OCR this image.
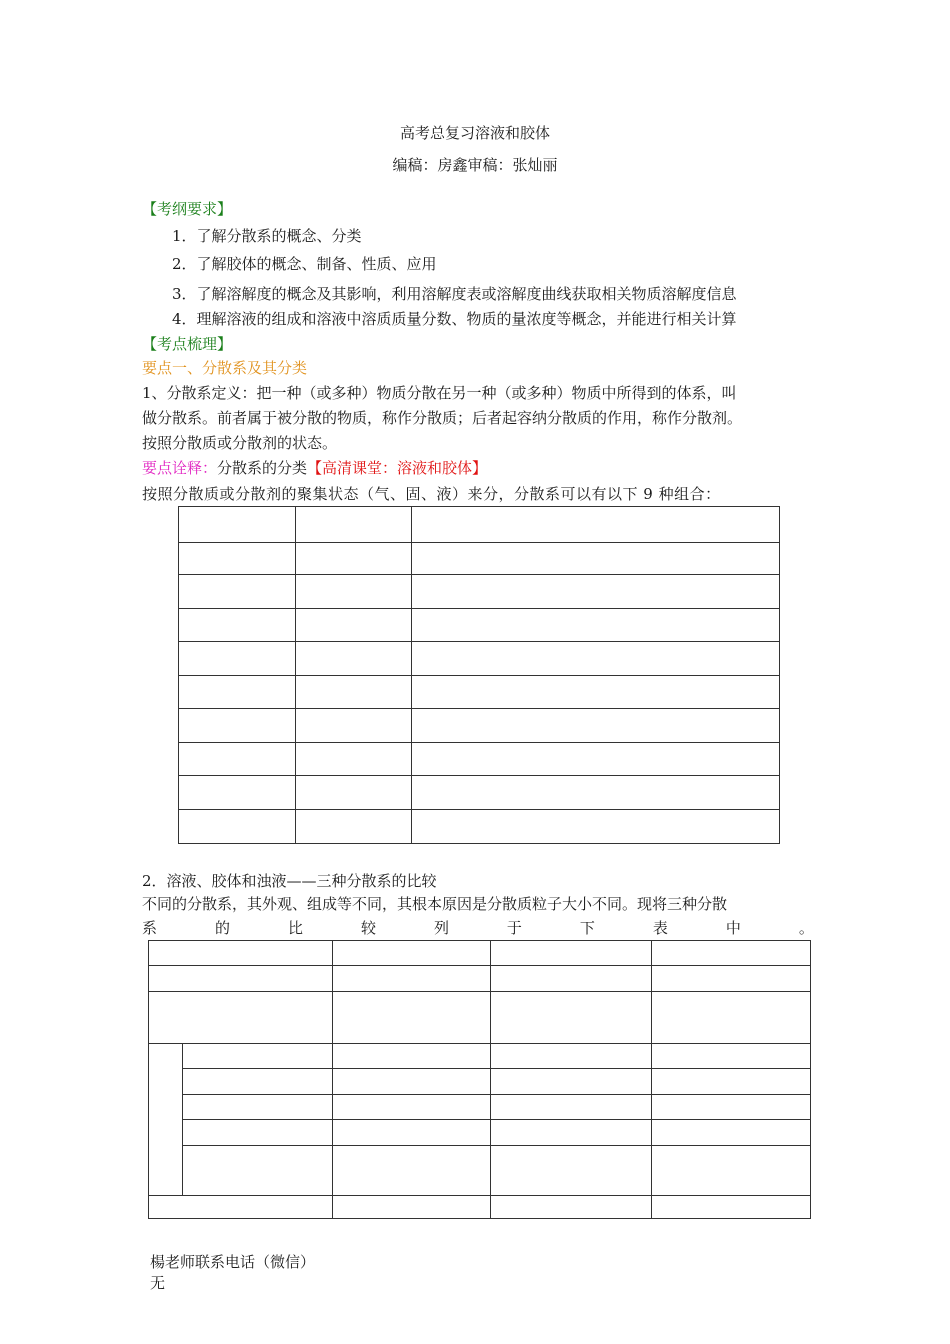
高考总复习溶液和胶体
编稿：房鑫审稿：张灿丽
【考纲要求】
1．了解分散系的概念、分类
2．了解胶体的概念、制备、性质、应用
3．了解溶解度的概念及其影响，利用溶解度表或溶解度曲线获取相关物质溶解度信息
4．理解溶液的组成和溶液中溶质质量分数、物质的量浓度等概念，并能进行相关计算
【考点梳理】
要点一、分散系及其分类
1、分散系定义：把一种（或多种）物质分散在另一种（或多种）物质中所得到的体系，叫
做分散系。前者属于被分散的物质，称作分散质；后者起容纳分散质的作用，称作分散剂。
按照分散质或分散剂的状态。
要点诠释：分散系的分类【高清课堂：溶液和胶体】
按照分散质或分散剂的聚集状态（气、固、液）来分，分散系可以有以下 9 种组合：

2．溶液、胶体和浊液——三种分散系的比较
不同的分散系，其外观、组成等不同，其根本原因是分散质粒子大小不同。现将三种分散
系	的	比	较	列	于	下	表	中	。

楊老师联系电话（微信）
无
